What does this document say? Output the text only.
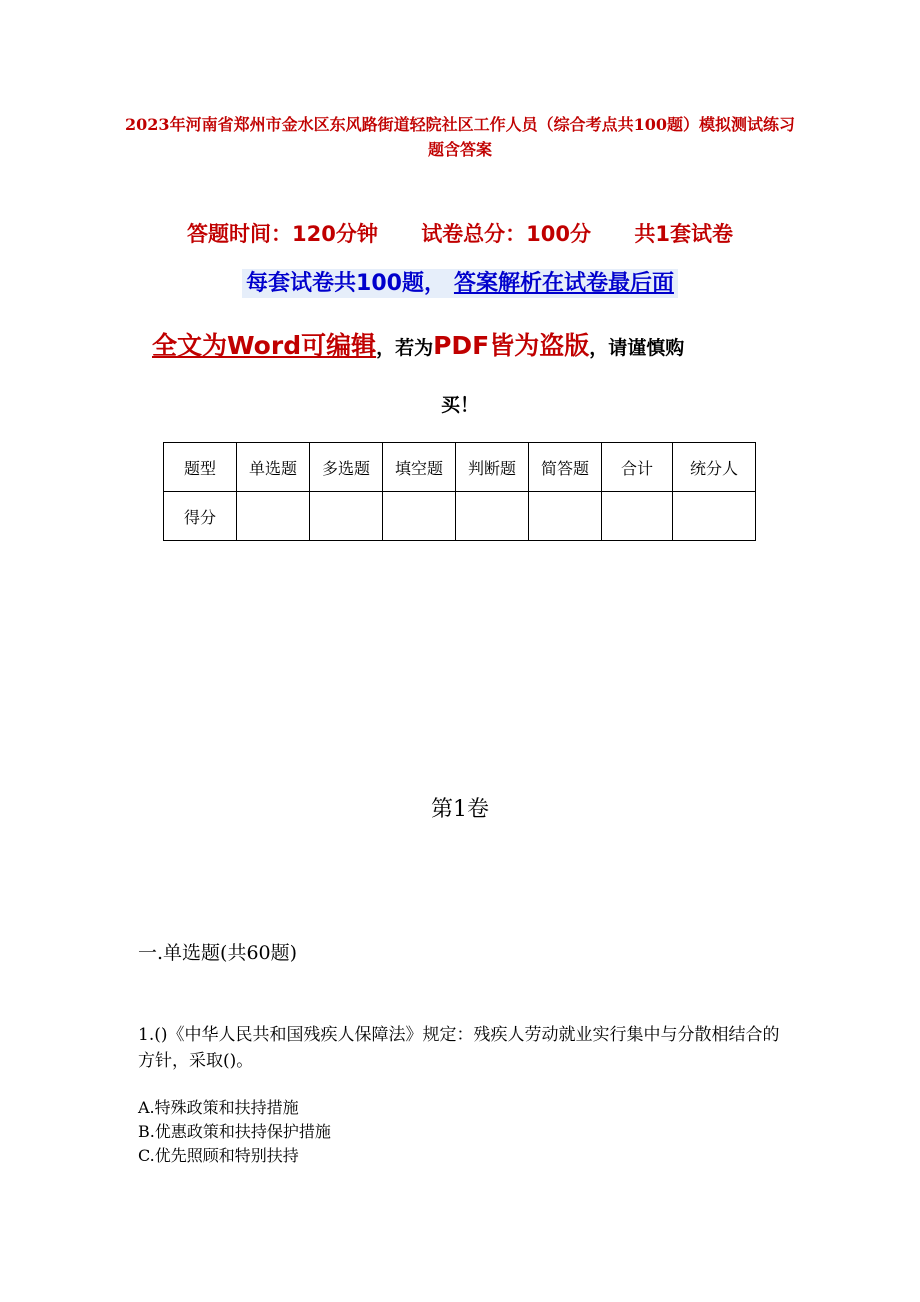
2023年河南省郑州市金水区东风路街道轻院社区工作人员（综合考点共100题）模拟测试练习题含答案
答题时间：120分钟 试卷总分：100分 共1套试卷
每套试卷共100题， 答案解析在试卷最后面
全文为Word可编辑，若为PDF皆为盗版，请谨慎购
买！
题型	单选题	多选题	填空题	判断题	简答题	合计	统分人
得分							
第1卷
一.单选题(共60题)
1.()《中华人民共和国残疾人保障法》规定：残疾人劳动就业实行集中与分散相结合的方针，采取()。
A.特殊政策和扶持措施
B.优惠政策和扶持保护措施
C.优先照顾和特别扶持
